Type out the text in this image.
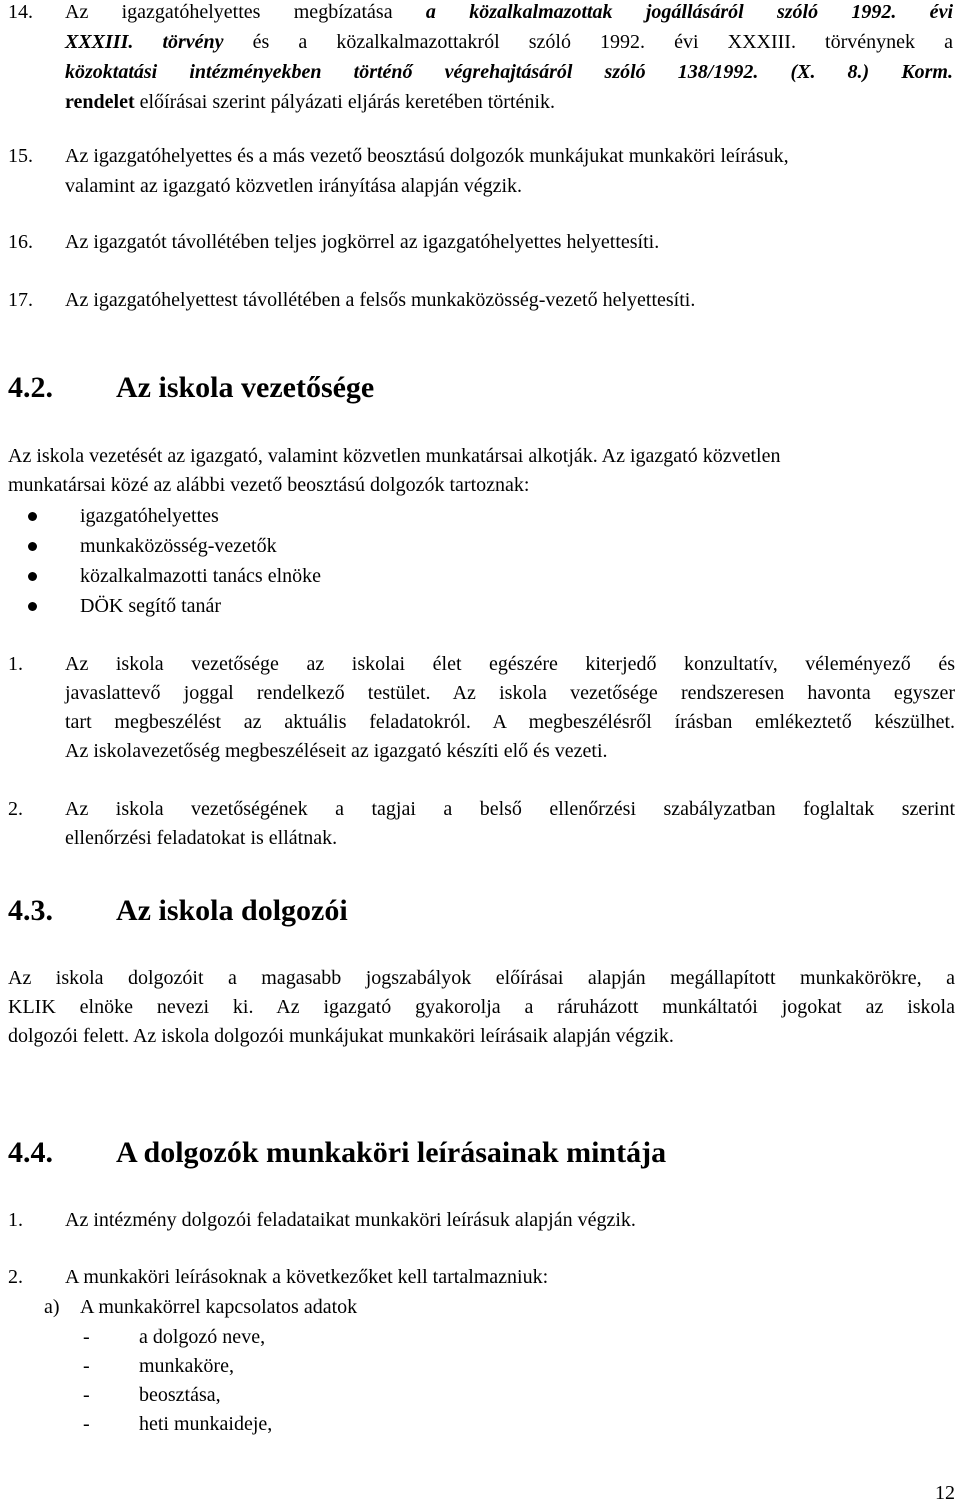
14. Az igazgatóhelyettes megbízatása a közalkalmazottak jogállásáról szóló 1992. évi
XXXIII. törvény és a közalkalmazottakról szóló 1992. évi XXXIII. törvénynek a
közoktatási intézményekben történő végrehajtásáról szóló 138/1992. (X. 8.) Korm.
rendelet előírásai szerint pályázati eljárás keretében történik.
15. Az igazgatóhelyettes és a más vezető beosztású dolgozók munkájukat munkaköri leírásuk,
valamint az igazgató közvetlen irányítása alapján végzik.
16. Az igazgatót távollétében teljes jogkörrel az igazgatóhelyettes helyettesíti.
17. Az igazgatóhelyettest távollétében a felsős munkaközösség-vezető helyettesíti.
4.2. Az iskola vezetősége
Az iskola vezetését az igazgató, valamint közvetlen munkatársai alkotják. Az igazgató közvetlen
munkatársai közé az alábbi vezető beosztású dolgozók tartoznak:
igazgatóhelyettes
munkaközösség-vezetők
közalkalmazotti tanács elnöke
DÖK segítő tanár
1. Az iskola vezetősége az iskolai élet egészére kiterjedő konzultatív, véleményező és
javaslattevő joggal rendelkező testület. Az iskola vezetősége rendszeresen havonta egyszer
tart megbeszélést az aktuális feladatokról. A megbeszélésről írásban emlékeztető készülhet.
Az iskolavezetőség megbeszéléseit az igazgató készíti elő és vezeti.
2. Az iskola vezetőségének a tagjai a belső ellenőrzési szabályzatban foglaltak szerint
ellenőrzési feladatokat is ellátnak.
4.3. Az iskola dolgozói
Az iskola dolgozóit a magasabb jogszabályok előírásai alapján megállapított munkakörökre, a
KLIK elnöke nevezi ki. Az igazgató gyakorolja a ráruházott munkáltatói jogokat az iskola
dolgozói felett. Az iskola dolgozói munkájukat munkaköri leírásaik alapján végzik.
4.4. A dolgozók munkaköri leírásainak mintája
1. Az intézmény dolgozói feladataikat munkaköri leírásuk alapján végzik.
2. A munkaköri leírásoknak a következőket kell tartalmazniuk:
a) A munkakörrel kapcsolatos adatok
- a dolgozó neve,
- munkaköre,
- beosztása,
- heti munkaideje,
12
